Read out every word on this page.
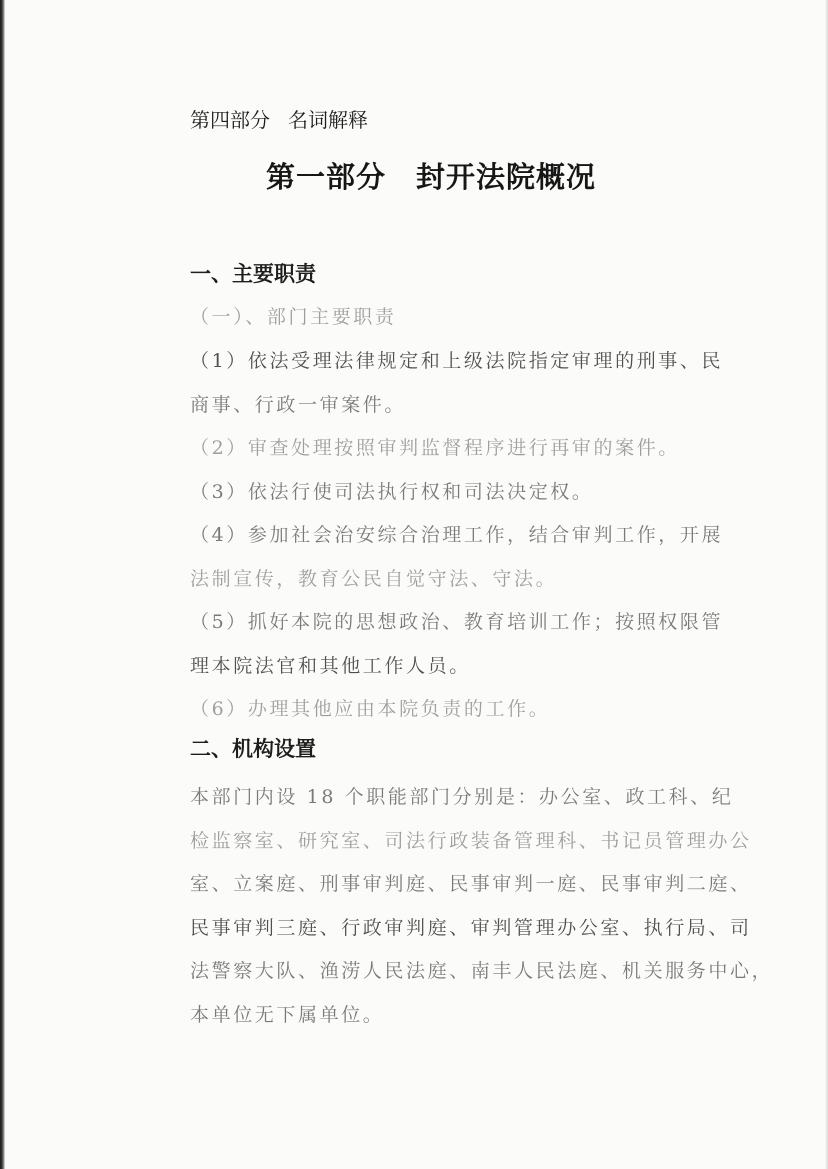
第四部分 名词解释
第一部分 封开法院概况
一、主要职责
（一）、部门主要职责
（1）依法受理法律规定和上级法院指定审理的刑事、民
商事、行政一审案件。
（2）审查处理按照审判监督程序进行再审的案件。
（3）依法行使司法执行权和司法决定权。
（4）参加社会治安综合治理工作，结合审判工作，开展
法制宣传，教育公民自觉守法、守法。
（5）抓好本院的思想政治、教育培训工作；按照权限管
理本院法官和其他工作人员。
（6）办理其他应由本院负责的工作。
二、机构设置
本部门内设 18 个职能部门分别是：办公室、政工科、纪
检监察室、研究室、司法行政装备管理科、书记员管理办公
室、立案庭、刑事审判庭、民事审判一庭、民事审判二庭、
民事审判三庭、行政审判庭、审判管理办公室、执行局、司
法警察大队、渔涝人民法庭、南丰人民法庭、机关服务中心，
本单位无下属单位。
